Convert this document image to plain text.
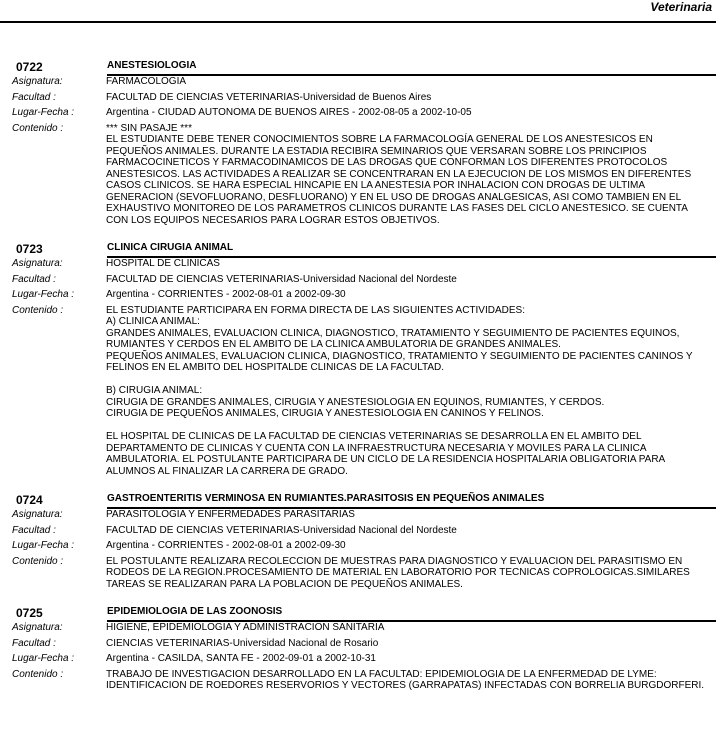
Veterinaria
0722	ANESTESIOLOGIA
Asignatura:	FARMACOLOGIA
Facultad :	FACULTAD DE CIENCIAS VETERINARIAS-Universidad de Buenos Aires
Lugar-Fecha :	Argentina - CIUDAD AUTONOMA DE BUENOS AIRES - 2002-08-05 a 2002-10-05
Contenido :	*** SIN PASAJE ***
EL ESTUDIANTE DEBE TENER CONOCIMIENTOS SOBRE LA FARMACOLOGÍA GENERAL DE LOS ANESTESICOS EN PEQUEÑOS ANIMALES. DURANTE LA ESTADIA RECIBIRA SEMINARIOS QUE VERSARAN SOBRE LOS PRINCIPIOS FARMACOCINETICOS Y FARMACODINAMICOS DE LAS DROGAS QUE CONFORMAN LOS DIFERENTES PROTOCOLOS ANESTESICOS. LAS ACTIVIDADES A REALIZAR SE CONCENTRARAN EN LA EJECUCION DE LOS MISMOS EN DIFERENTES CASOS CLINICOS. SE HARA ESPECIAL HINCAPIE EN LA ANESTESIA POR INHALACION CON DROGAS DE ULTIMA GENERACION (SEVOFLUORANO, DESFLUORANO) Y EN EL USO DE DROGAS ANALGESICAS, ASI COMO TAMBIEN EN EL EXHAUSTIVO MONITOREO DE LOS PARAMETROS CLINICOS DURANTE LAS FASES DEL CICLO ANESTESICO. SE CUENTA CON LOS EQUIPOS NECESARIOS PARA LOGRAR ESTOS OBJETIVOS.
0723	CLINICA CIRUGIA ANIMAL
Asignatura:	HOSPITAL DE CLINICAS
Facultad :	FACULTAD DE CIENCIAS VETERINARIAS-Universidad Nacional del Nordeste
Lugar-Fecha :	Argentina - CORRIENTES - 2002-08-01 a 2002-09-30
Contenido :	EL ESTUDIANTE PARTICIPARA EN FORMA DIRECTA DE LAS SIGUIENTES ACTIVIDADES:
A) CLINICA ANIMAL:
GRANDES ANIMALES, EVALUACION CLINICA, DIAGNOSTICO, TRATAMIENTO Y SEGUIMIENTO DE PACIENTES EQUINOS, RUMIANTES Y CERDOS EN EL AMBITO DE LA CLINICA AMBULATORIA DE GRANDES ANIMALES.
PEQUEÑOS ANIMALES, EVALUACION CLINICA, DIAGNOSTICO, TRATAMIENTO Y SEGUIMIENTO DE PACIENTES CANINOS Y FELINOS EN EL AMBITO DEL HOSPITALDE CLINICAS DE LA FACULTAD.

B) CIRUGIA ANIMAL:
CIRUGIA DE GRANDES ANIMALES, CIRUGIA Y ANESTESIOLOGIA EN EQUINOS, RUMIANTES, Y CERDOS.
CIRUGIA DE PEQUEÑOS ANIMALES, CIRUGIA Y ANESTESIOLOGIA EN CANINOS Y FELINOS.

EL HOSPITAL DE CLINICAS DE LA FACULTAD DE CIENCIAS VETERINARIAS SE DESARROLLA EN EL AMBITO DEL DEPARTAMENTO DE CLINICAS Y CUENTA CON LA INFRAESTRUCTURA NECESARIA Y MOVILES PARA LA CLINICA AMBULATORIA. EL POSTULANTE PARTICIPARA DE UN CICLO DE LA RESIDENCIA HOSPITALARIA OBLIGATORIA PARA ALUMNOS AL FINALIZAR LA CARRERA DE GRADO.
0724	GASTROENTERITIS VERMINOSA EN RUMIANTES.PARASITOSIS EN PEQUEÑOS ANIMALES
Asignatura:	PARASITOLOGIA Y ENFERMEDADES PARASITARIAS
Facultad :	FACULTAD DE CIENCIAS VETERINARIAS-Universidad Nacional del Nordeste
Lugar-Fecha :	Argentina - CORRIENTES - 2002-08-01 a 2002-09-30
Contenido :	EL POSTULANTE REALIZARA RECOLECCION DE MUESTRAS PARA DIAGNOSTICO Y EVALUACION DEL PARASITISMO EN RODEOS DE LA REGION.PROCESAMIENTO DE MATERIAL EN LABORATORIO POR TECNICAS COPROLOGICAS.SIMILARES TAREAS SE REALIZARAN PARA LA POBLACION DE PEQUEÑOS ANIMALES.
0725	EPIDEMIOLOGIA DE LAS ZOONOSIS
Asignatura:	HIGIENE, EPIDEMIOLOGIA Y ADMINISTRACION SANITARIA
Facultad :	CIENCIAS VETERINARIAS-Universidad Nacional de Rosario
Lugar-Fecha :	Argentina - CASILDA, SANTA FE - 2002-09-01 a 2002-10-31
Contenido :	TRABAJO DE INVESTIGACION DESARROLLADO EN LA FACULTAD: EPIDEMIOLOGIA DE LA ENFERMEDAD DE LYME: IDENTIFICACION DE ROEDORES RESERVORIOS Y VECTORES (GARRAPATAS) INFECTADAS CON BORRELIA BURGDORFERI.
